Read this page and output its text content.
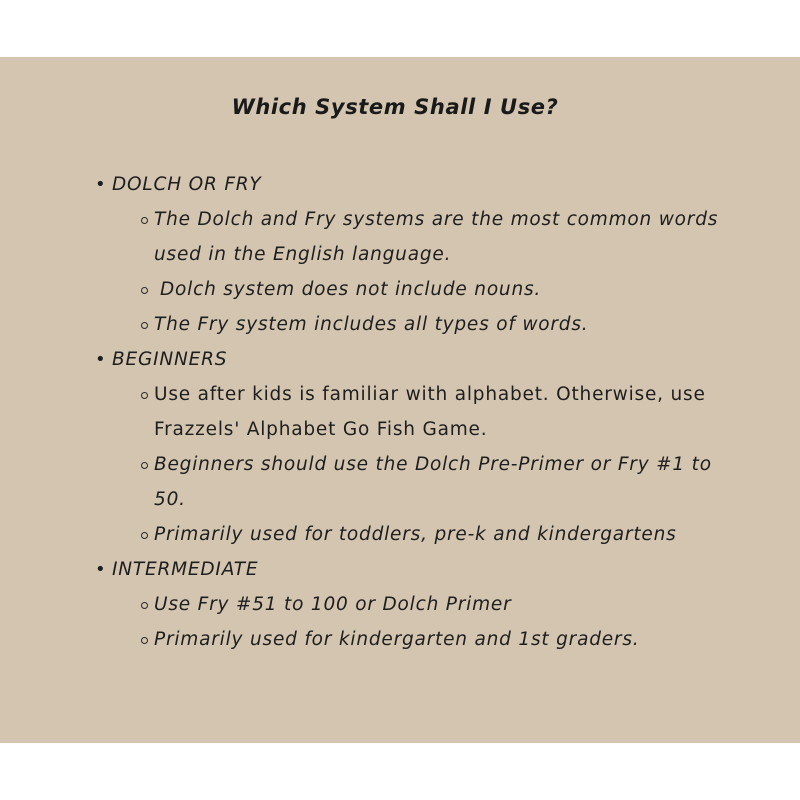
Which System Shall I Use?
• DOLCH OR FRY
The Dolch and Fry systems are the most common words used in the English language.
Dolch system does not include nouns.
The Fry system includes all types of words.
• BEGINNERS
Use after kids is familiar with alphabet. Otherwise, use Frazzels' Alphabet Go Fish Game.
Beginners should use the Dolch Pre-Primer or Fry #1 to 50.
Primarily used for toddlers, pre-k and kindergartens
• INTERMEDIATE
Use Fry #51 to 100 or Dolch Primer
Primarily used for kindergarten and 1st graders.
